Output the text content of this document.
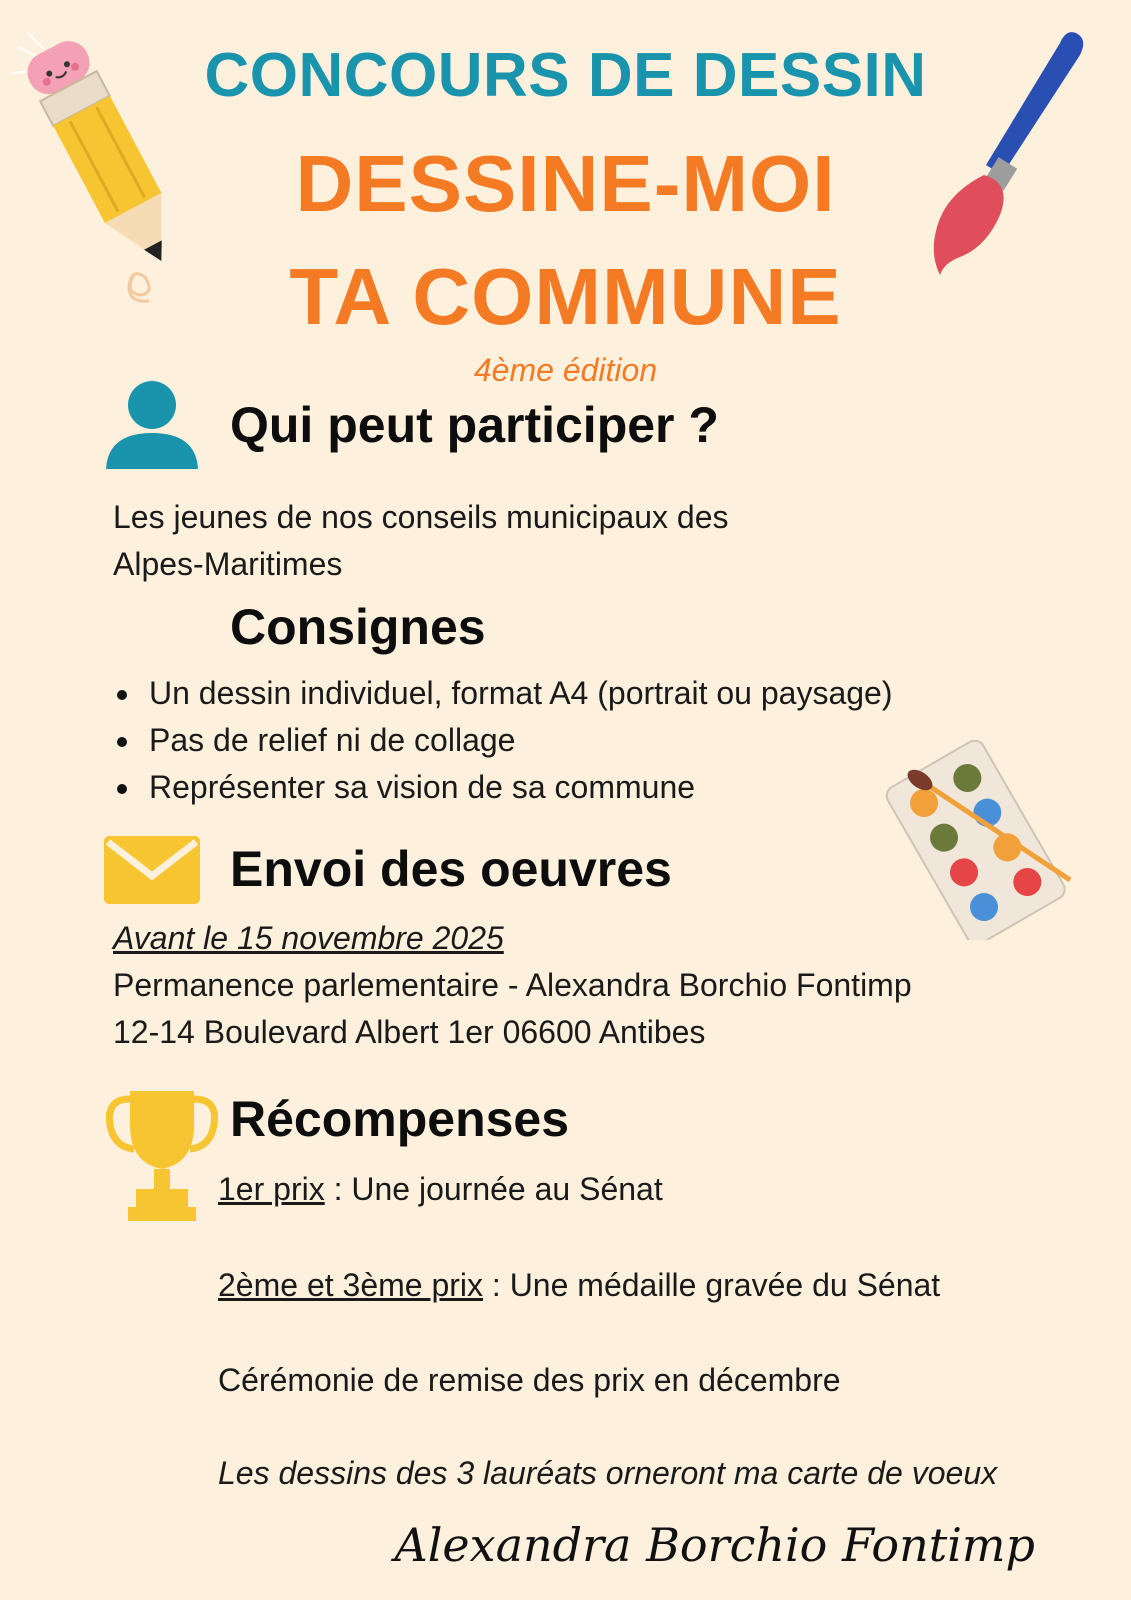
CONCOURS DE DESSIN
DESSINE-MOI
TA COMMUNE
4ème édition
Qui peut participer ?
Les jeunes de nos conseils municipaux des
Alpes-Maritimes
Consignes
Un dessin individuel, format A4 (portrait ou paysage)
Pas de relief ni de collage
Représenter sa vision de sa commune
Envoi des oeuvres
Avant le 15 novembre 2025
Permanence parlementaire - Alexandra Borchio Fontimp
12-14 Boulevard Albert 1er 06600 Antibes
Récompenses
1er prix : Une journée au Sénat
2ème et 3ème prix : Une médaille gravée du Sénat
Cérémonie de remise des prix en décembre
Les dessins des 3 lauréats orneront ma carte de voeux
Alexandra Borchio Fontimp
